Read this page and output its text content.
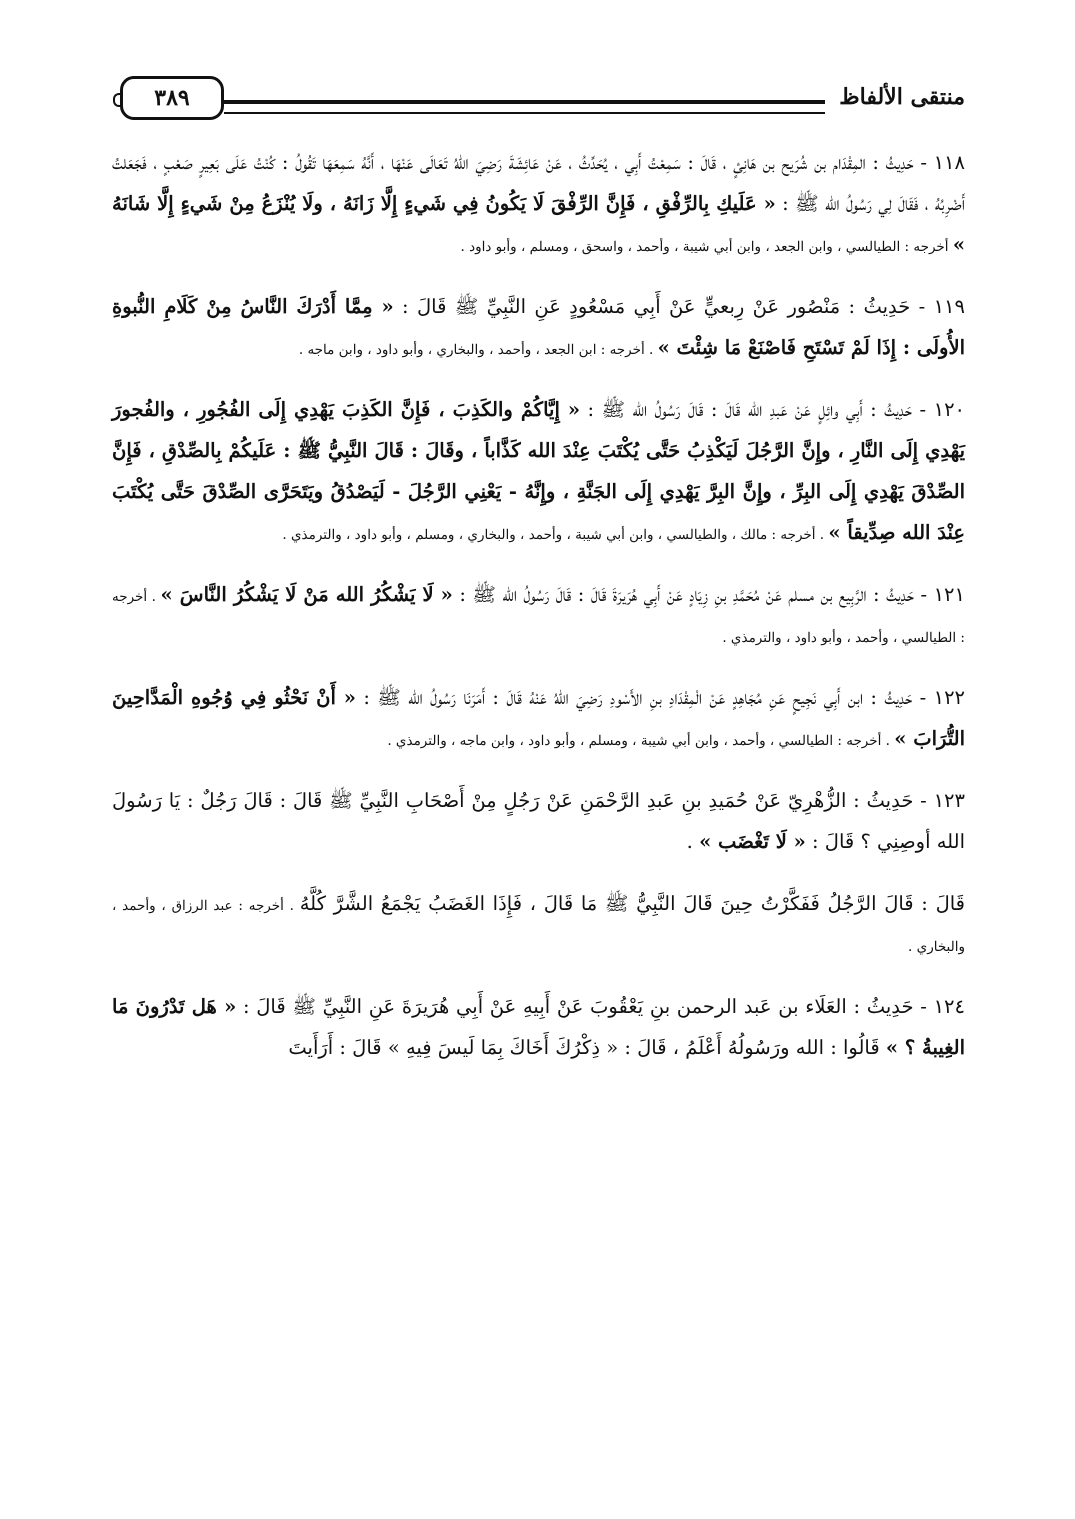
منتقى الألفاظ
٣٨٩

١١٨ - حَدِيثُ : المِقْدَام بن شُرَيح بن هَانِئٍ ، قَالَ : سَمِعْتُ أَبِي ، يُحَدِّثُ ، عَنْ عَائِشَةَ رَضِيَ اللهُ تَعَالَى عَنْهَا ، أَنَّهُ سَمِعَهَا تَقُولُ : كُنْتُ عَلَى بَعِيرٍ صَعْبٍ ، فَجَعَلتُ أَضْرِبُهُ ، فَقَالَ لِي رَسُولُ الله ﷺ : « عَلَيكِ بِالرِّفْقِ ، فَإِنَّ الرِّفْقَ لَا يَكُونُ فِي شَيءٍ إِلَّا زَانَهُ ، ولَا يُنْزَعُ مِنْ شَيءٍ إِلَّا شَانَهُ » أخرجه : الطيالسي ، وابن الجعد ، وابن أبي شيبة ، وأحمد ، واسحق ، ومسلم ، وأبو داود .

١١٩ - حَدِيثُ : مَنْصُور عَنْ رِبعيٍّ عَنْ أَبِي مَسْعُودٍ عَنِ النَّبِيِّ ﷺ قَالَ : « مِمَّا أَدْرَكَ النَّاسُ مِنْ كَلَامِ النُّبوةِ الأُولَى : إِذَا لَمْ تَسْتَحِ فَاصْنَعْ مَا شِئْتَ » . أخرجه : ابن الجعد ، وأحمد ، والبخاري ، وأبو داود ، وابن ماجه .

١٢٠ - حَدِيثُ : أَبِي وائِلٍ عَنْ عَبدِ الله قَالَ : قَالَ رَسُولُ الله ﷺ : « إِيَّاكُمْ والكَذِبَ ، فَإِنَّ الكَذِبَ يَهْدِي إِلَى الفُجُورِ ، والفُجورَ يَهْدِي إِلَى النَّارِ ، وإِنَّ الرَّجُلَ لَيَكْذِبُ حَتَّى يُكْتَبَ عِنْدَ الله كَذَّاباً ، وقَالَ : قَالَ النَّبِيُّ ﷺ : عَلَيكُمْ بِالصِّدْقِ ، فَإِنَّ الصِّدْقَ يَهْدِي إِلَى البِرِّ ، وإِنَّ البِرَّ يَهْدِي إِلَى الجَنَّةِ ، وإِنَّهُ - يَعْنِي الرَّجُلَ - لَيَصْدُقُ ويَتَحَرَّى الصِّدْقَ حَتَّى يُكْتَبَ عِنْدَ الله صِدِّيقاً » . أخرجه : مالك ، والطيالسي ، وابن أبي شيبة ، وأحمد ، والبخاري ، ومسلم ، وأبو داود ، والترمذي .

١٢١ - حَدِيثُ : الرَّبِيع بن مسلم عَنْ مُحَمَّدِ بنِ زِيَادٍ عَنْ أَبِي هُرَيرَةَ قَالَ : قَالَ رَسُولُ الله ﷺ : « لَا يَشْكُرُ الله مَنْ لَا يَشْكُرُ النَّاسَ » . أخرجه : الطيالسي ، وأحمد ، وأبو داود ، والترمذي .

١٢٢ - حَدِيثُ : ابن أَبِي نَجِيحٍ عَنِ مُجَاهِدٍ عَنْ الْمِقْدَادِ بنِ الأَسْودِ رَضِيَ اللهُ عَنْهُ قَالَ : أَمَرَنَا رَسُولُ الله ﷺ : « أَنْ نَحْثُو فِي وُجُوهِ الْمَدَّاحِينَ التُّرَابَ » . أخرجه : الطيالسي ، وأحمد ، وابن أبي شيبة ، ومسلم ، وأبو داود ، وابن ماجه ، والترمذي .

١٢٣ - حَدِيثُ : الزُّهْرِيّ عَنْ حُمَيدِ بنِ عَبدِ الرَّحْمَنِ عَنْ رَجُلٍ مِنْ أَصْحَابِ النَّبِيِّ ﷺ قَالَ : قَالَ رَجُلٌ : يَا رَسُولَ الله أوصِنِي ؟ قَالَ : « لَا تَغْضَب » .

قَالَ : قَالَ الرَّجُلُ فَفَكَّرْتُ حِينَ قَالَ النَّبِيُّ ﷺ مَا قَالَ ، فَإِذَا الغَضَبُ يَجْمَعُ الشَّرَّ كُلَّهُ . أخرجه : عبد الرزاق ، وأحمد ، والبخاري .

١٢٤ - حَدِيثُ : العَلَاء بن عَبد الرحمن بنِ يَعْقُوبَ عَنْ أَبِيهِ عَنْ أَبِي هُرَيرَةَ عَنِ النَّبِيِّ ﷺ قَالَ : « هَل تَدْرُونَ مَا الغِيبةُ ؟ » قَالُوا : الله ورَسُولُهُ أَعْلَمُ ، قَالَ : « ذِكْرُكَ أَخَاكَ بِمَا لَيسَ فِيهِ » قَالَ : أَرَأَيتَ
